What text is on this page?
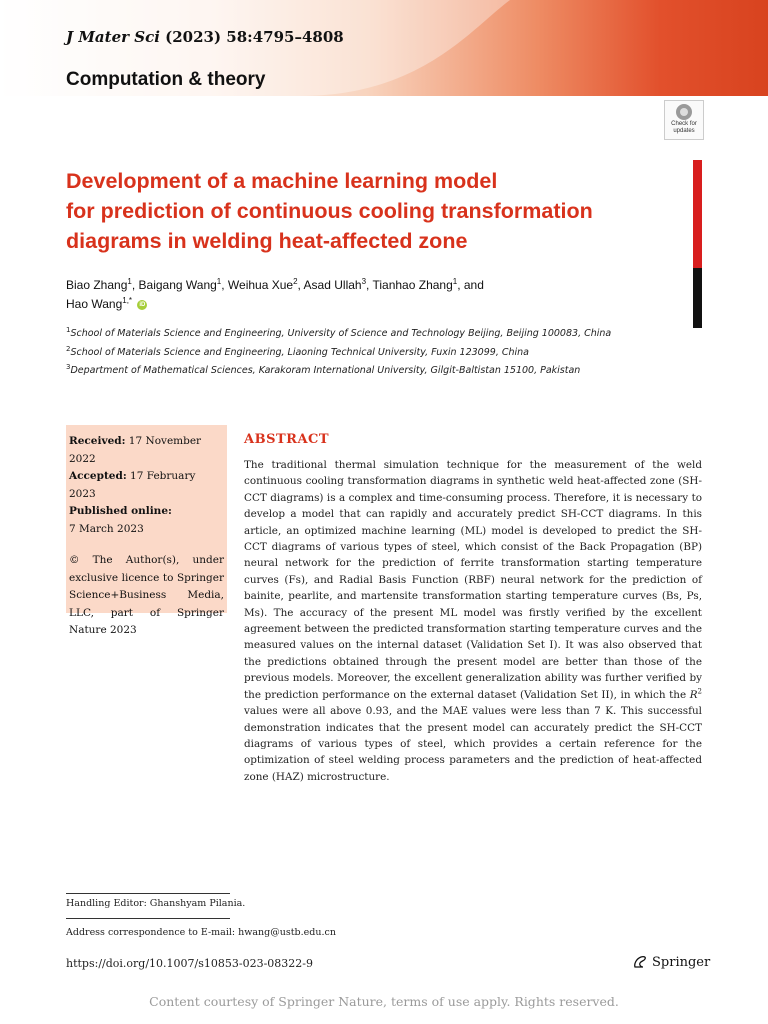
J Mater Sci (2023) 58:4795–4808
Computation & theory
Check for
updates
Development of a machine learning model
for prediction of continuous cooling transformation
diagrams in welding heat-affected zone
Biao Zhang$^1$, Baigang Wang$^1$, Weihua Xue$^2$, Asad Ullah$^3$, Tianhao Zhang$^1$, and
Hao Wang$^{1,*}$ iD
$^1$School of Materials Science and Engineering, University of Science and Technology Beijing, Beijing 100083, China
$^2$School of Materials Science and Engineering, Liaoning Technical University, Fuxin 123099, China
$^3$Department of Mathematical Sciences, Karakoram International University, Gilgit-Baltistan 15100, Pakistan
Received: 17 November 2022
Accepted: 17 February 2023
Published online:
7 March 2023
© The Author(s), under exclusive licence to Springer Science+Business Media, LLC, part of Springer Nature 2023
ABSTRACT

The traditional thermal simulation technique for the measurement of the weld continuous cooling transformation diagrams in synthetic weld heat-affected zone (SH-CCT diagrams) is a complex and time-consuming process. Therefore, it is necessary to develop a model that can rapidly and accurately predict SH-CCT diagrams. In this article, an optimized machine learning (ML) model is developed to predict the SH-CCT diagrams of various types of steel, which consist of the Back Propagation (BP) neural network for the prediction of ferrite transformation starting temperature curves (Fs), and Radial Basis Function (RBF) neural network for the prediction of bainite, pearlite, and martensite transformation starting temperature curves (Bs, Ps, Ms). The accuracy of the present ML model was firstly verified by the excellent agreement between the predicted transformation starting temperature curves and the measured values on the internal dataset (Validation Set I). It was also observed that the predictions obtained through the present model are better than those of the previous models. Moreover, the excellent generalization ability was further verified by the prediction performance on the external dataset (Validation Set II), in which the $R^2$ values were all above 0.93, and the MAE values were less than 7 K. This successful demonstration indicates that the present model can accurately predict the SH-CCT diagrams of various types of steel, which provides a certain reference for the optimization of steel welding process parameters and the prediction of heat-affected zone (HAZ) microstructure.

Handling Editor: Ghanshyam Pilania.
Address correspondence to E-mail: hwang@ustb.edu.cn
https://doi.org/10.1007/s10853-023-08322-9	Springer
Content courtesy of Springer Nature, terms of use apply. Rights reserved.
